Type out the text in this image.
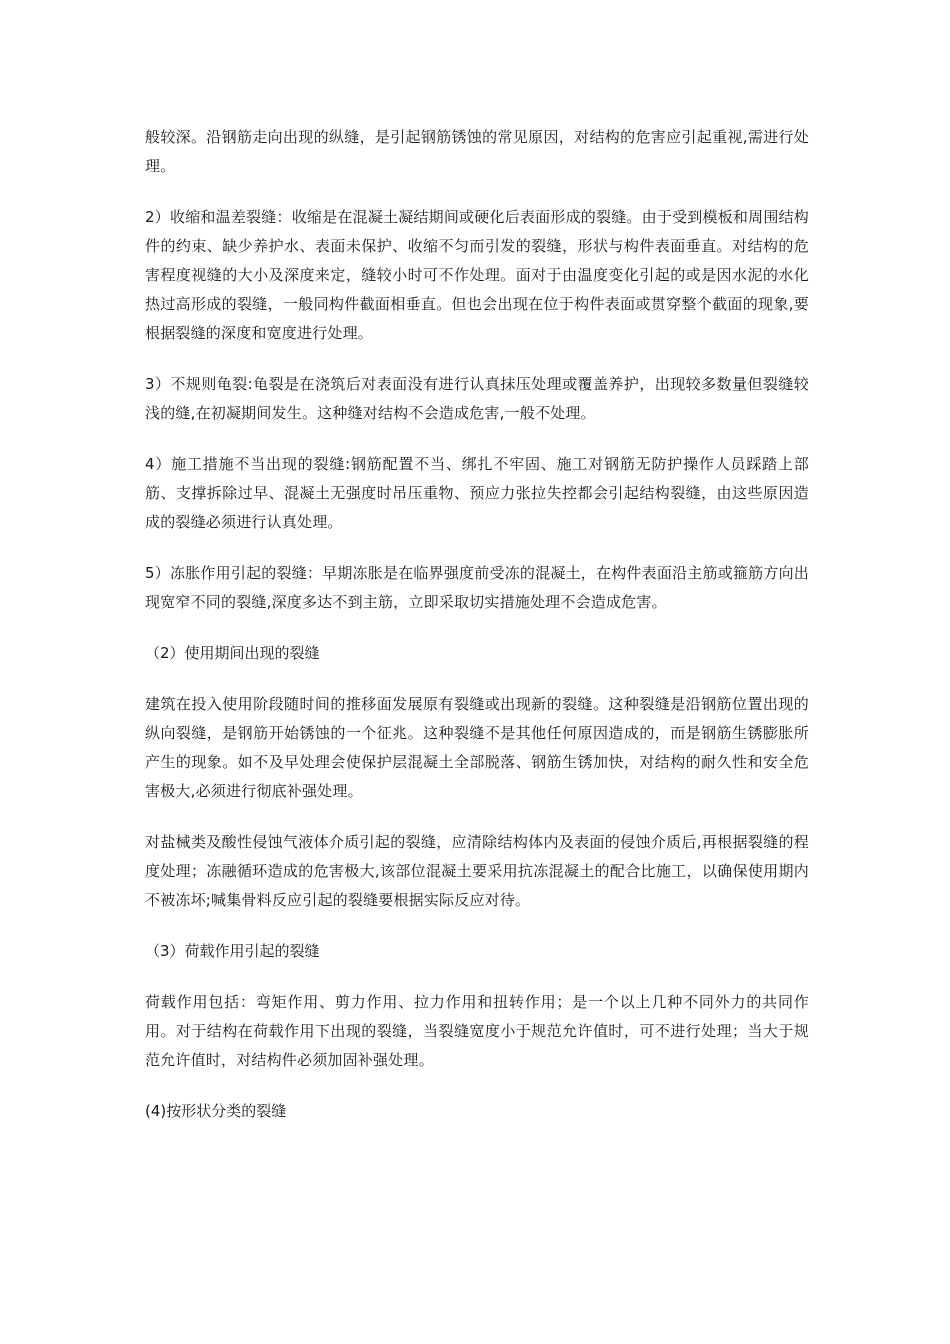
般较深。沿钢筋走向出现的纵缝，是引起钢筋锈蚀的常见原因，对结构的危害应引起重视,需进行处理。

2）收缩和温差裂缝：收缩是在混凝土凝结期间或硬化后表面形成的裂缝。由于受到模板和周围结构件的约束、缺少养护水、表面未保护、收缩不匀而引发的裂缝，形状与构件表面垂直。对结构的危害程度视缝的大小及深度来定，缝较小时可不作处理。面对于由温度变化引起的或是因水泥的水化热过高形成的裂缝，一般同构件截面相垂直。但也会出现在位于构件表面或贯穿整个截面的现象,要根据裂缝的深度和宽度进行处理。

3）不规则龟裂:龟裂是在浇筑后对表面没有进行认真抹压处理或覆盖养护，出现较多数量但裂缝较浅的缝,在初凝期间发生。这种缝对结构不会造成危害,一般不处理。

4）施工措施不当出现的裂缝:钢筋配置不当、绑扎不牢固、施工对钢筋无防护操作人员踩踏上部筋、支撑拆除过早、混凝土无强度时吊压重物、预应力张拉失控都会引起结构裂缝，由这些原因造成的裂缝必须进行认真处理。

5）冻胀作用引起的裂缝：早期冻胀是在临界强度前受冻的混凝土，在构件表面沿主筋或箍筋方向出现宽窄不同的裂缝,深度多达不到主筋，立即采取切实措施处理不会造成危害。

（2）使用期间出现的裂缝

建筑在投入使用阶段随时间的推移面发展原有裂缝或出现新的裂缝。这种裂缝是沿钢筋位置出现的纵向裂缝，是钢筋开始锈蚀的一个征兆。这种裂缝不是其他任何原因造成的，而是钢筋生锈膨胀所产生的现象。如不及早处理会使保护层混凝土全部脱落、钢筋生锈加快，对结构的耐久性和安全危害极大,必须进行彻底补强处理。

对盐械类及酸性侵蚀气液体介质引起的裂缝，应清除结构体内及表面的侵蚀介质后,再根据裂缝的程度处理；冻融循环造成的危害极大,该部位混凝土要采用抗冻混凝土的配合比施工，以确保使用期内不被冻坏;喊集骨料反应引起的裂缝要根据实际反应对待。

（3）荷载作用引起的裂缝

荷载作用包括：弯矩作用、剪力作用、拉力作用和扭转作用；是一个以上几种不同外力的共同作用。对于结构在荷载作用下出现的裂缝，当裂缝宽度小于规范允许值时，可不进行处理；当大于规范允许值时，对结构件必须加固补强处理。

(4)按形状分类的裂缝
